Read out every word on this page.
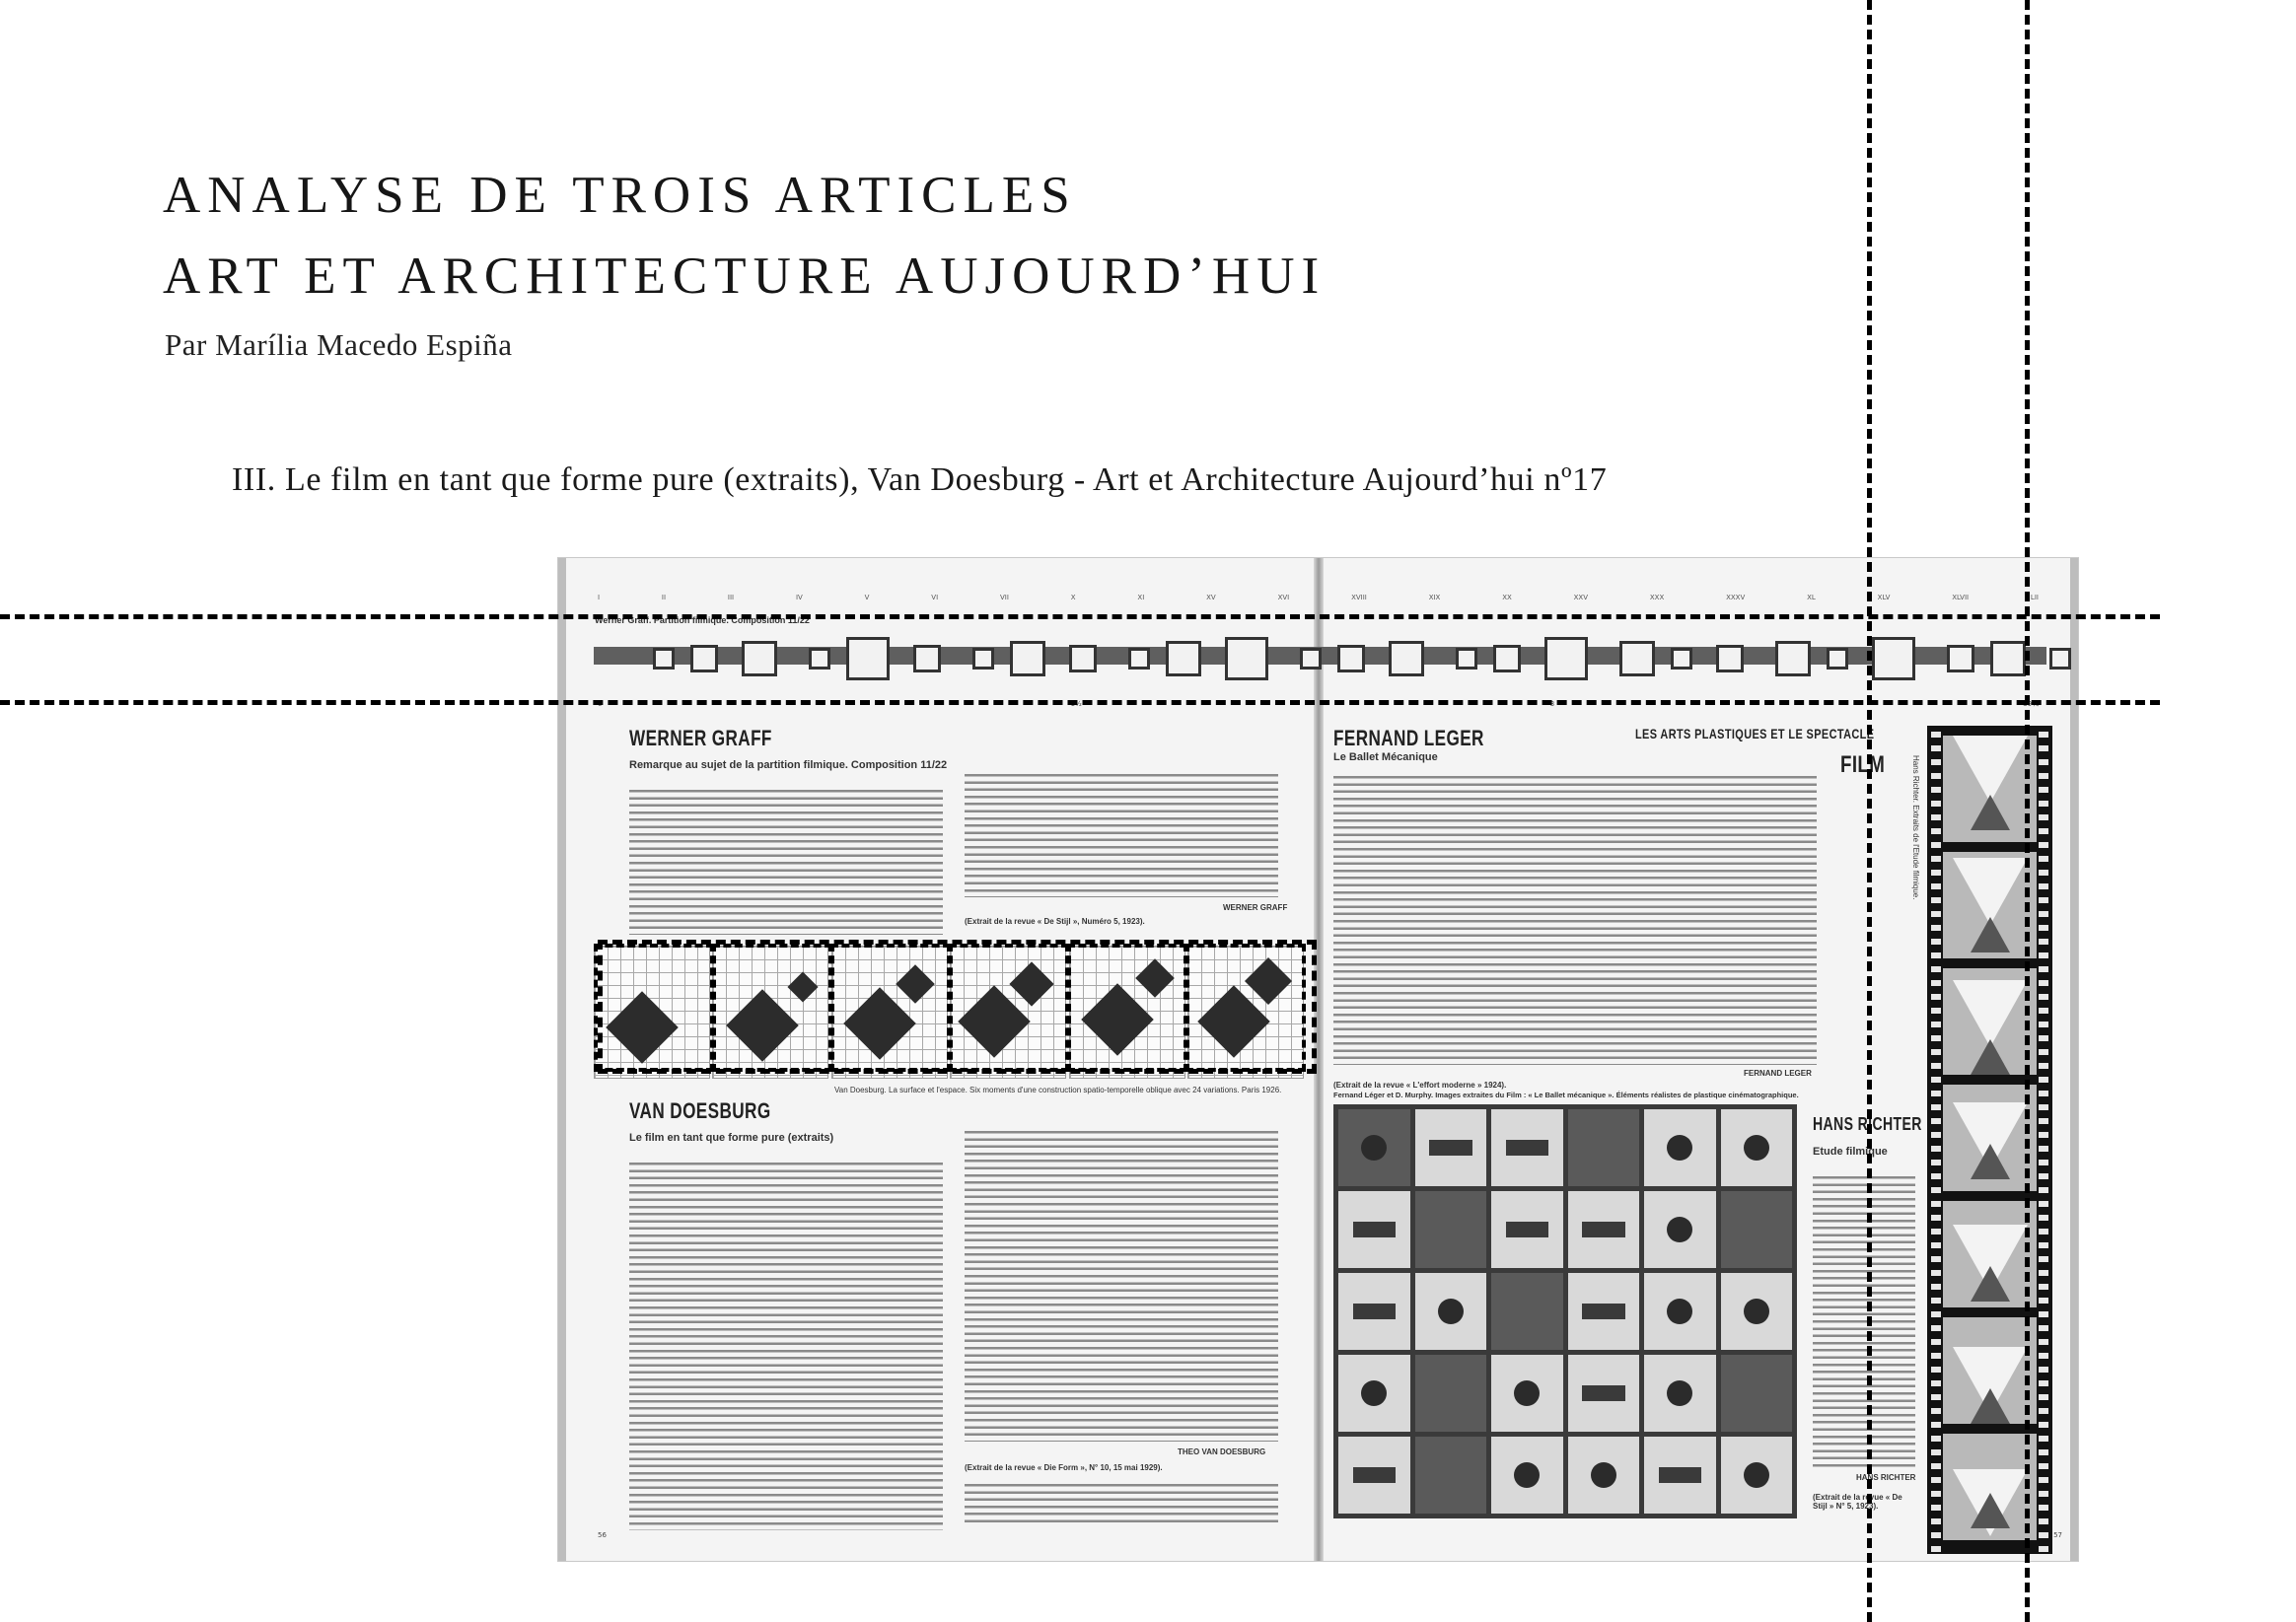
ANALYSE DE TROIS ARTICLES
ART ET ARCHITECTURE AUJOURD’HUI
Par Marília Macedo Espiña
III. Le film en tant que forme pure (extraits), Van Doesburg - Art et Architecture Aujourd’hui nº17
Werner Graff. Partition filmique. Composition 11/22
WERNER GRAFF
Remarque au sujet de la partition filmique. Composition 11/22
(Extrait de la revue « De Stijl », Numéro 5, 1923).
WERNER GRAFF
Van Doesburg. La surface et l'espace. Six moments d'une construction spatio-temporelle oblique avec 24 variations. Paris 1926.
VAN DOESBURG
Le film en tant que forme pure (extraits)
THEO VAN DOESBURG
(Extrait de la revue « Die Form », N° 10, 15 mai 1929).
56
FERNAND LEGER
Le Ballet Mécanique
LES ARTS PLASTIQUES ET LE SPECTACLE
FILM
FERNAND LEGER
(Extrait de la revue « L'effort moderne » 1924).
Fernand Léger et D. Murphy. Images extraites du Film : « Le Ballet mécanique ». Éléments réalistes de plastique cinématographique.
HANS RICHTER
Etude filmique
HANS RICHTER
(Extrait de la revue « De Stijl » N° 5, 1923).
Hans Richter. Extraits de l'Etude filmique.
57
I	II	III	IV	V	VI	VII	X	XI	XV	XVI	XVIII	XIX	XX	XXV	XXX	XXXV	XL	XLV	XLVII	LII
0	1½	3	39¼
